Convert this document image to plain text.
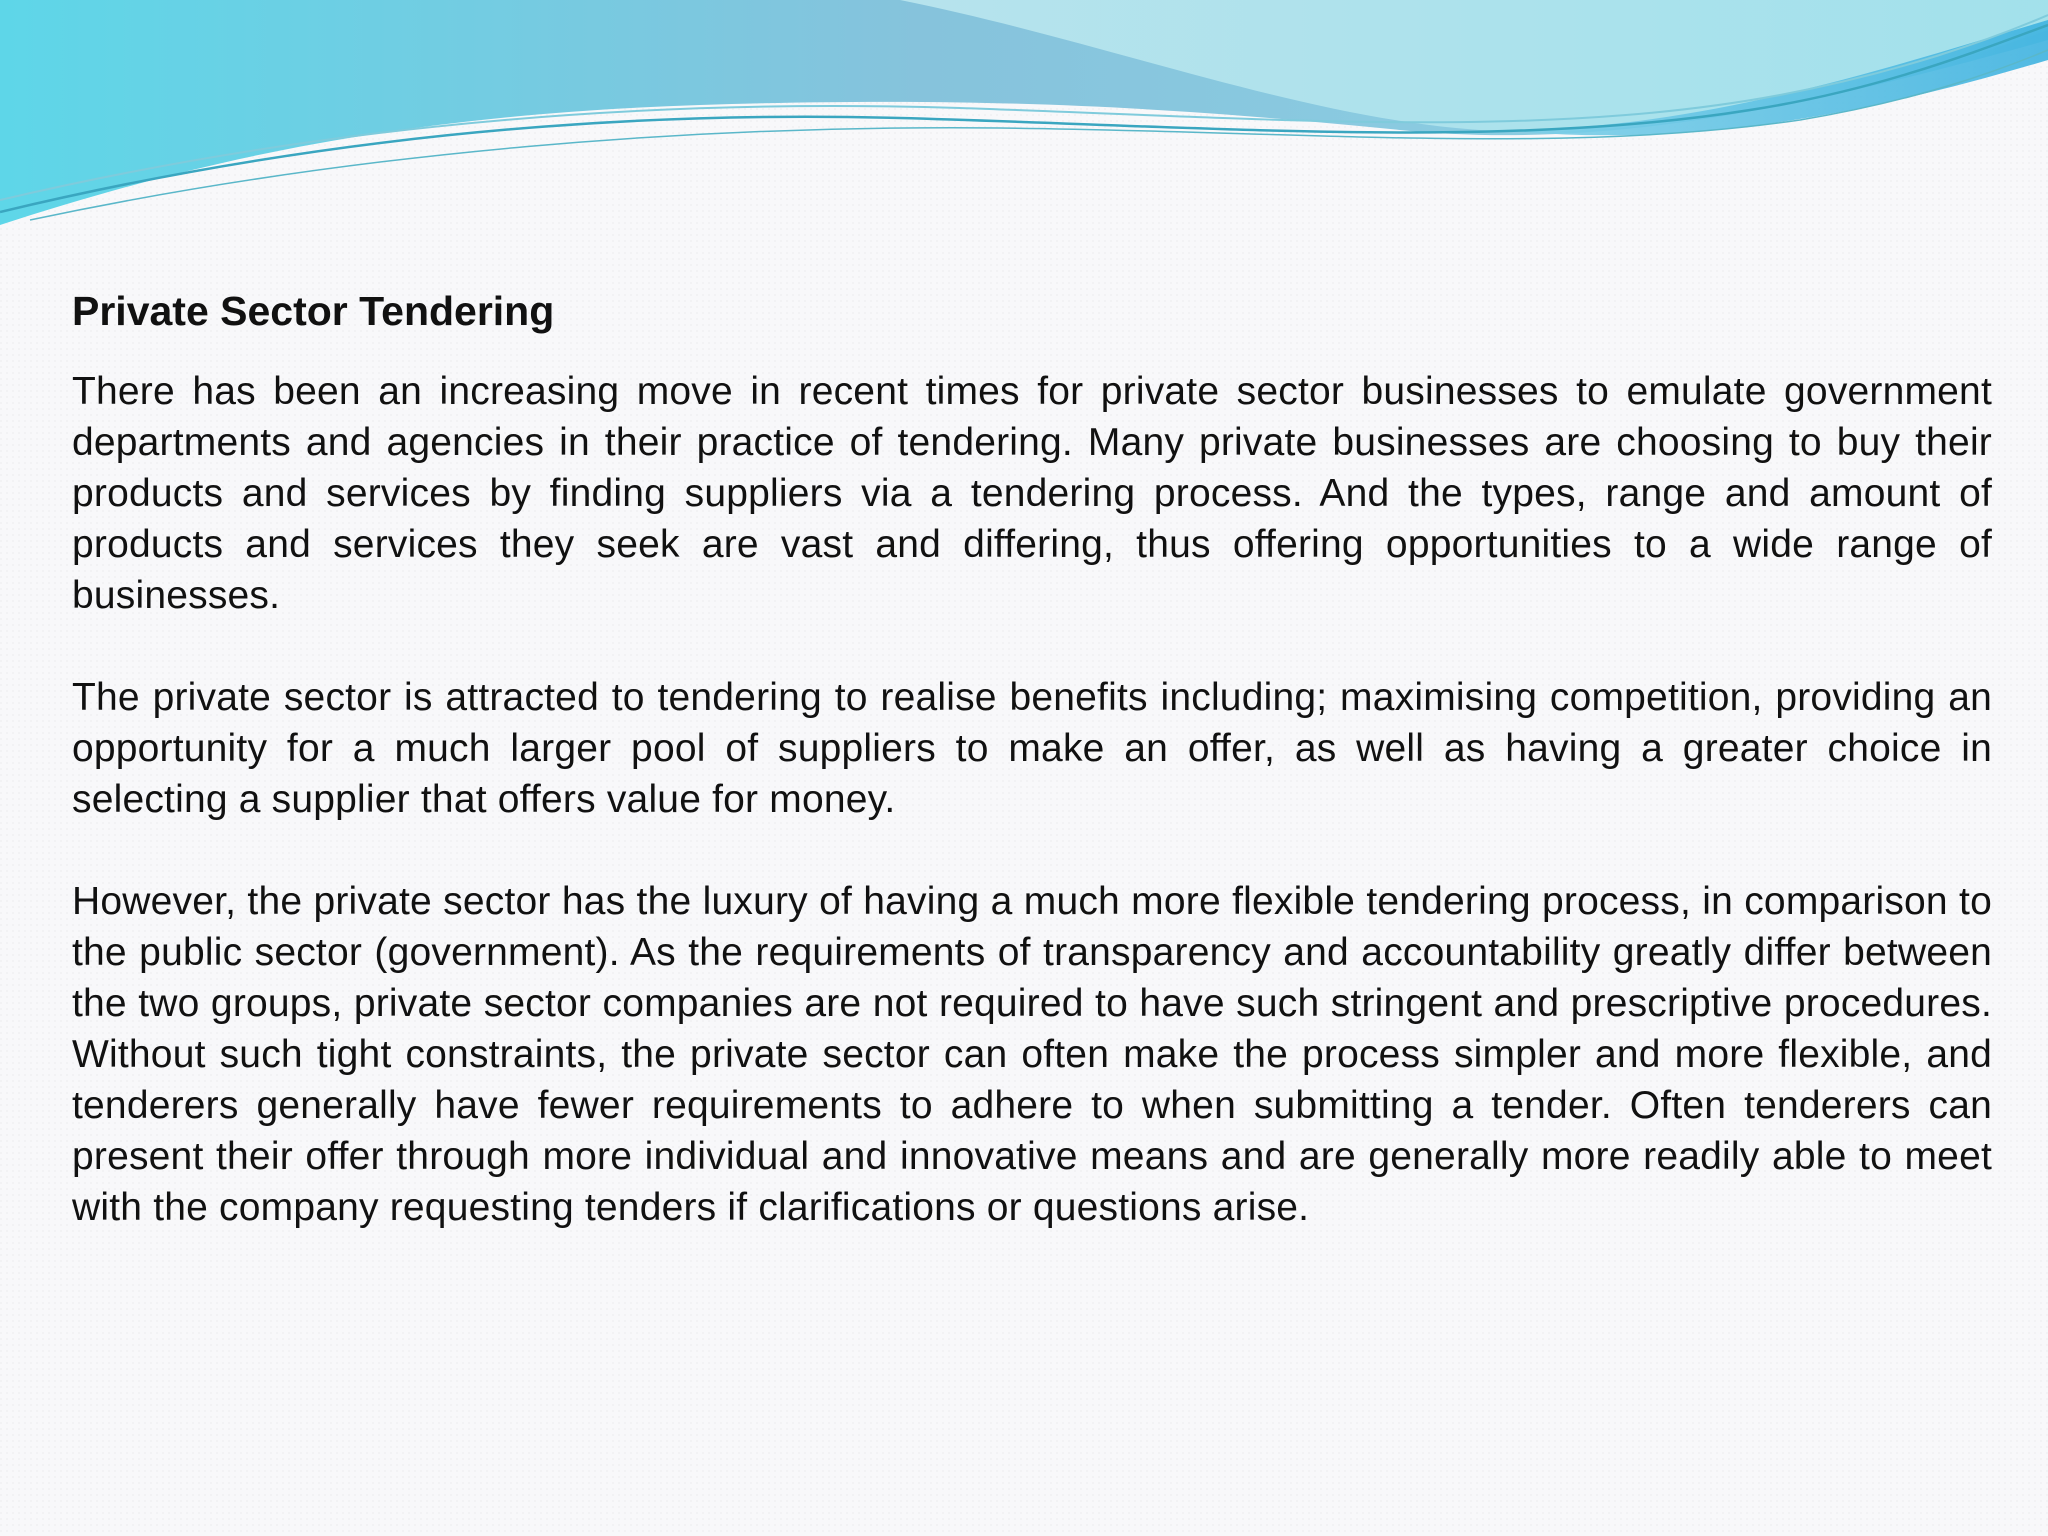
Private Sector Tendering

There has been an increasing move in recent times for private sector businesses to emulate government departments and agencies in their practice of tendering. Many private businesses are choosing to buy their products and services by finding suppliers via a tendering process. And the types, range and amount of products and services they seek are vast and differing, thus offering opportunities to a wide range of businesses.

The private sector is attracted to tendering to realise benefits including; maximising competition, providing an opportunity for a much larger pool of suppliers to make an offer, as well as having a greater choice in selecting a supplier that offers value for money.

However, the private sector has the luxury of having a much more flexible tendering process, in comparison to the public sector (government). As the requirements of transparency and accountability greatly differ between the two groups, private sector companies are not required to have such stringent and prescriptive procedures. Without such tight constraints, the private sector can often make the process simpler and more flexible, and tenderers generally have fewer requirements to adhere to when submitting a tender. Often tenderers can present their offer through more individual and innovative means and are generally more readily able to meet with the company requesting tenders if clarifications or questions arise.
